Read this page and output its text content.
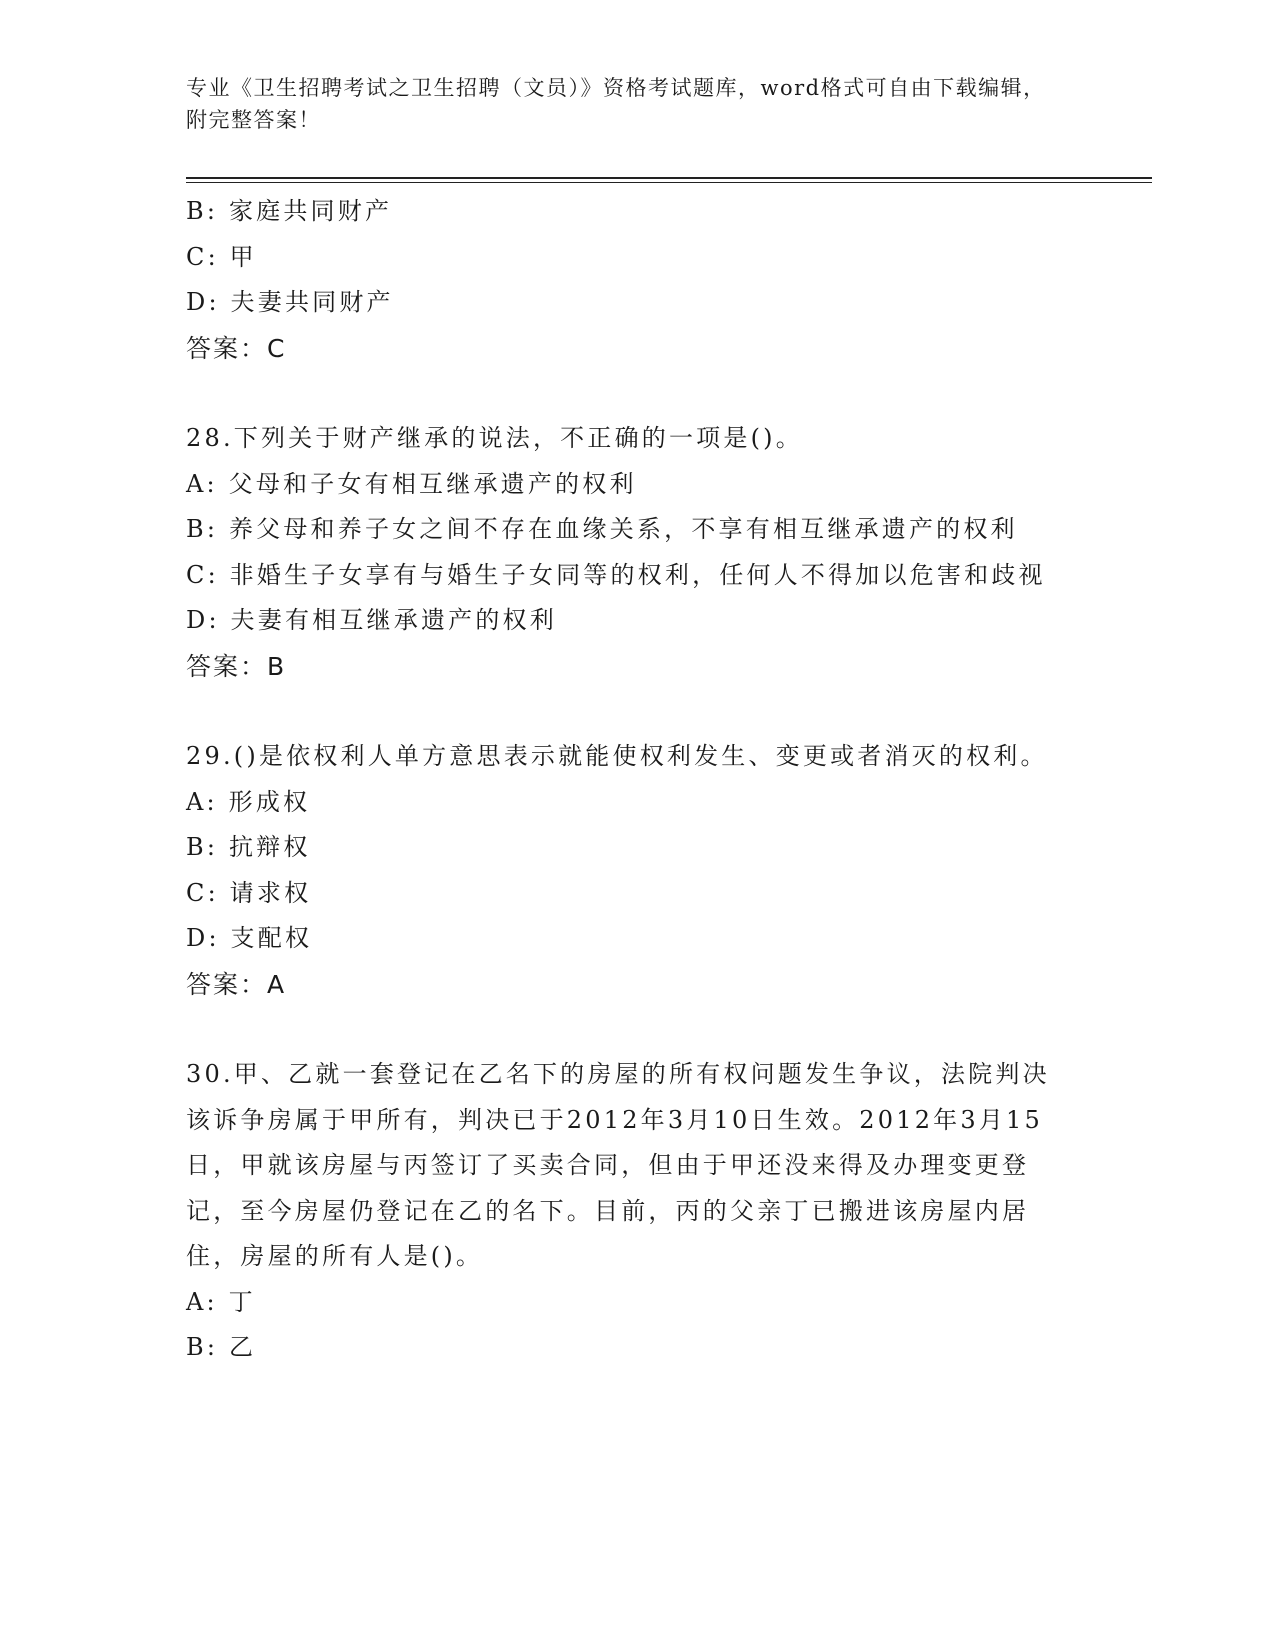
专业《卫生招聘考试之卫生招聘（文员）》资格考试题库，word格式可自由下载编辑，附完整答案！
B: 家庭共同财产
C: 甲
D: 夫妻共同财产
答案：C
28.下列关于财产继承的说法，不正确的一项是()。
A: 父母和子女有相互继承遗产的权利
B: 养父母和养子女之间不存在血缘关系，不享有相互继承遗产的权利
C: 非婚生子女享有与婚生子女同等的权利，任何人不得加以危害和歧视
D: 夫妻有相互继承遗产的权利
答案：B
29.()是依权利人单方意思表示就能使权利发生、变更或者消灭的权利。
A: 形成权
B: 抗辩权
C: 请求权
D: 支配权
答案：A
30.甲、乙就一套登记在乙名下的房屋的所有权问题发生争议，法院判决该诉争房属于甲所有，判决已于2012年3月10日生效。2012年3月15日，甲就该房屋与丙签订了买卖合同，但由于甲还没来得及办理变更登记，至今房屋仍登记在乙的名下。目前，丙的父亲丁已搬进该房屋内居住，房屋的所有人是()。
A: 丁
B: 乙
